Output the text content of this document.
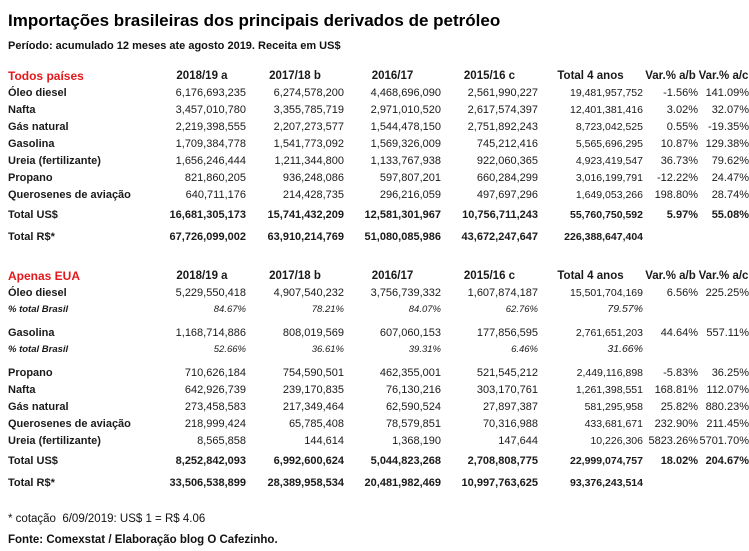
Importações brasileiras dos principais derivados de petróleo
Período: acumulado 12 meses ate agosto 2019. Receita em US$
Todos países	2018/19 a	2017/18 b	2016/17	2015/16 c	Total 4 anos	Var.% a/b	Var.% a/c
Óleo diesel	6,176,693,235	6,274,578,200	4,468,696,090	2,561,990,227	19,481,957,752	-1.56%	141.09%
Nafta	3,457,010,780	3,355,785,719	2,971,010,520	2,617,574,397	12,401,381,416	3.02%	32.07%
Gás natural	2,219,398,555	2,207,273,577	1,544,478,150	2,751,892,243	8,723,042,525	0.55%	-19.35%
Gasolina	1,709,384,778	1,541,773,092	1,569,326,009	745,212,416	5,565,696,295	10.87%	129.38%
Ureia (fertilizante)	1,656,246,444	1,211,344,800	1,133,767,938	922,060,365	4,923,419,547	36.73%	79.62%
Propano	821,860,205	936,248,086	597,807,201	660,284,299	3,016,199,791	-12.22%	24.47%
Querosenes de aviação	640,711,176	214,428,735	296,216,059	497,697,296	1,649,053,266	198.80%	28.74%
Total US$	16,681,305,173	15,741,432,209	12,581,301,967	10,756,711,243	55,760,750,592	5.97%	55.08%
Total R$*	67,726,099,002	63,910,214,769	51,080,085,986	43,672,247,647	226,388,647,404		
Apenas EUA	2018/19 a	2017/18 b	2016/17	2015/16 c	Total 4 anos	Var.% a/b	Var.% a/c
Óleo diesel	5,229,550,418	4,907,540,232	3,756,739,332	1,607,874,187	15,501,704,169	6.56%	225.25%
% total Brasil	84.67%	78.21%	84.07%	62.76%	79.57%		
Gasolina	1,168,714,886	808,019,569	607,060,153	177,856,595	2,761,651,203	44.64%	557.11%
% total Brasil	52.66%	36.61%	39.31%	6.46%	31.66%		
Propano	710,626,184	754,590,501	462,355,001	521,545,212	2,449,116,898	-5.83%	36.25%
Nafta	642,926,739	239,170,835	76,130,216	303,170,761	1,261,398,551	168.81%	112.07%
Gás natural	273,458,583	217,349,464	62,590,524	27,897,387	581,295,958	25.82%	880.23%
Querosenes de aviação	218,999,424	65,785,408	78,579,851	70,316,988	433,681,671	232.90%	211.45%
Ureia (fertilizante)	8,565,858	144,614	1,368,190	147,644	10,226,306	5823.26%	5701.70%
Total US$	8,252,842,093	6,992,600,624	5,044,823,268	2,708,808,775	22,999,074,757	18.02%	204.67%
Total R$*	33,506,538,899	28,389,958,534	20,481,982,469	10,997,763,625	93,376,243,514		
* cotação  6/09/2019: US$ 1 = R$ 4.06
Fonte: Comexstat / Elaboração blog O Cafezinho.
